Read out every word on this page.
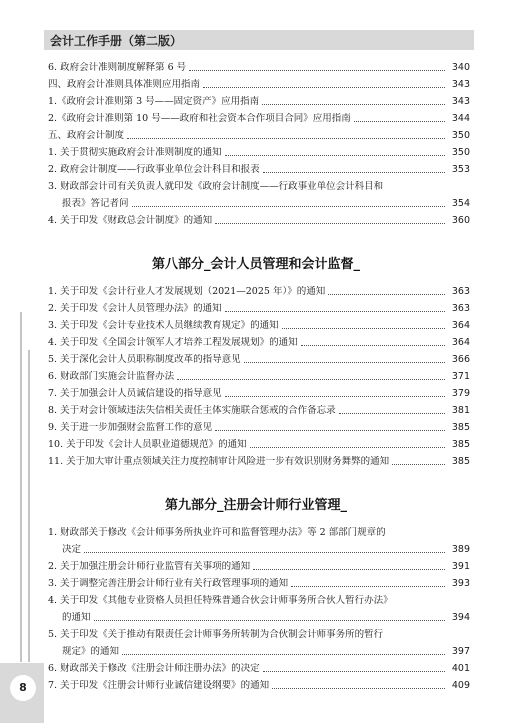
会计工作手册（第二版）
8
6. 政府会计准则制度解释第 6 号	340
四、政府会计准则具体准则应用指南	343
1.《政府会计准则第 3 号——固定资产》应用指南	343
2.《政府会计准则第 10 号——政府和社会资本合作项目合同》应用指南	344
五、政府会计制度	350
1. 关于贯彻实施政府会计准则制度的通知	350
2. 政府会计制度——行政事业单位会计科目和报表	353
3. 财政部会计司有关负责人就印发《政府会计制度——行政事业单位会计科目和
报表》答记者问	354
4. 关于印发《财政总会计制度》的通知	360
第八部分_会计人员管理和会计监督_
1. 关于印发《会计行业人才发展规划（2021—2025 年）》的通知	363
2. 关于印发《会计人员管理办法》的通知	363
3. 关于印发《会计专业技术人员继续教育规定》的通知	364
4. 关于印发《全国会计领军人才培养工程发展规划》的通知	364
5. 关于深化会计人员职称制度改革的指导意见	366
6. 财政部门实施会计监督办法	371
7. 关于加强会计人员诚信建设的指导意见	379
8. 关于对会计领域违法失信相关责任主体实施联合惩戒的合作备忘录	381
9. 关于进一步加强财会监督工作的意见	385
10. 关于印发《会计人员职业道德规范》的通知	385
11. 关于加大审计重点领域关注力度控制审计风险进一步有效识别财务舞弊的通知	385
第九部分_注册会计师行业管理_
1. 财政部关于修改《会计师事务所执业许可和监督管理办法》等 2 部部门规章的
决定	389
2. 关于加强注册会计师行业监管有关事项的通知	391
3. 关于调整完善注册会计师行业有关行政管理事项的通知	393
4. 关于印发《其他专业资格人员担任特殊普通合伙会计师事务所合伙人暂行办法》
的通知	394
5. 关于印发《关于推动有限责任会计师事务所转制为合伙制会计师事务所的暂行
规定》的通知	397
6. 财政部关于修改《注册会计师注册办法》的决定	401
7. 关于印发《注册会计师行业诚信建设纲要》的通知	409
